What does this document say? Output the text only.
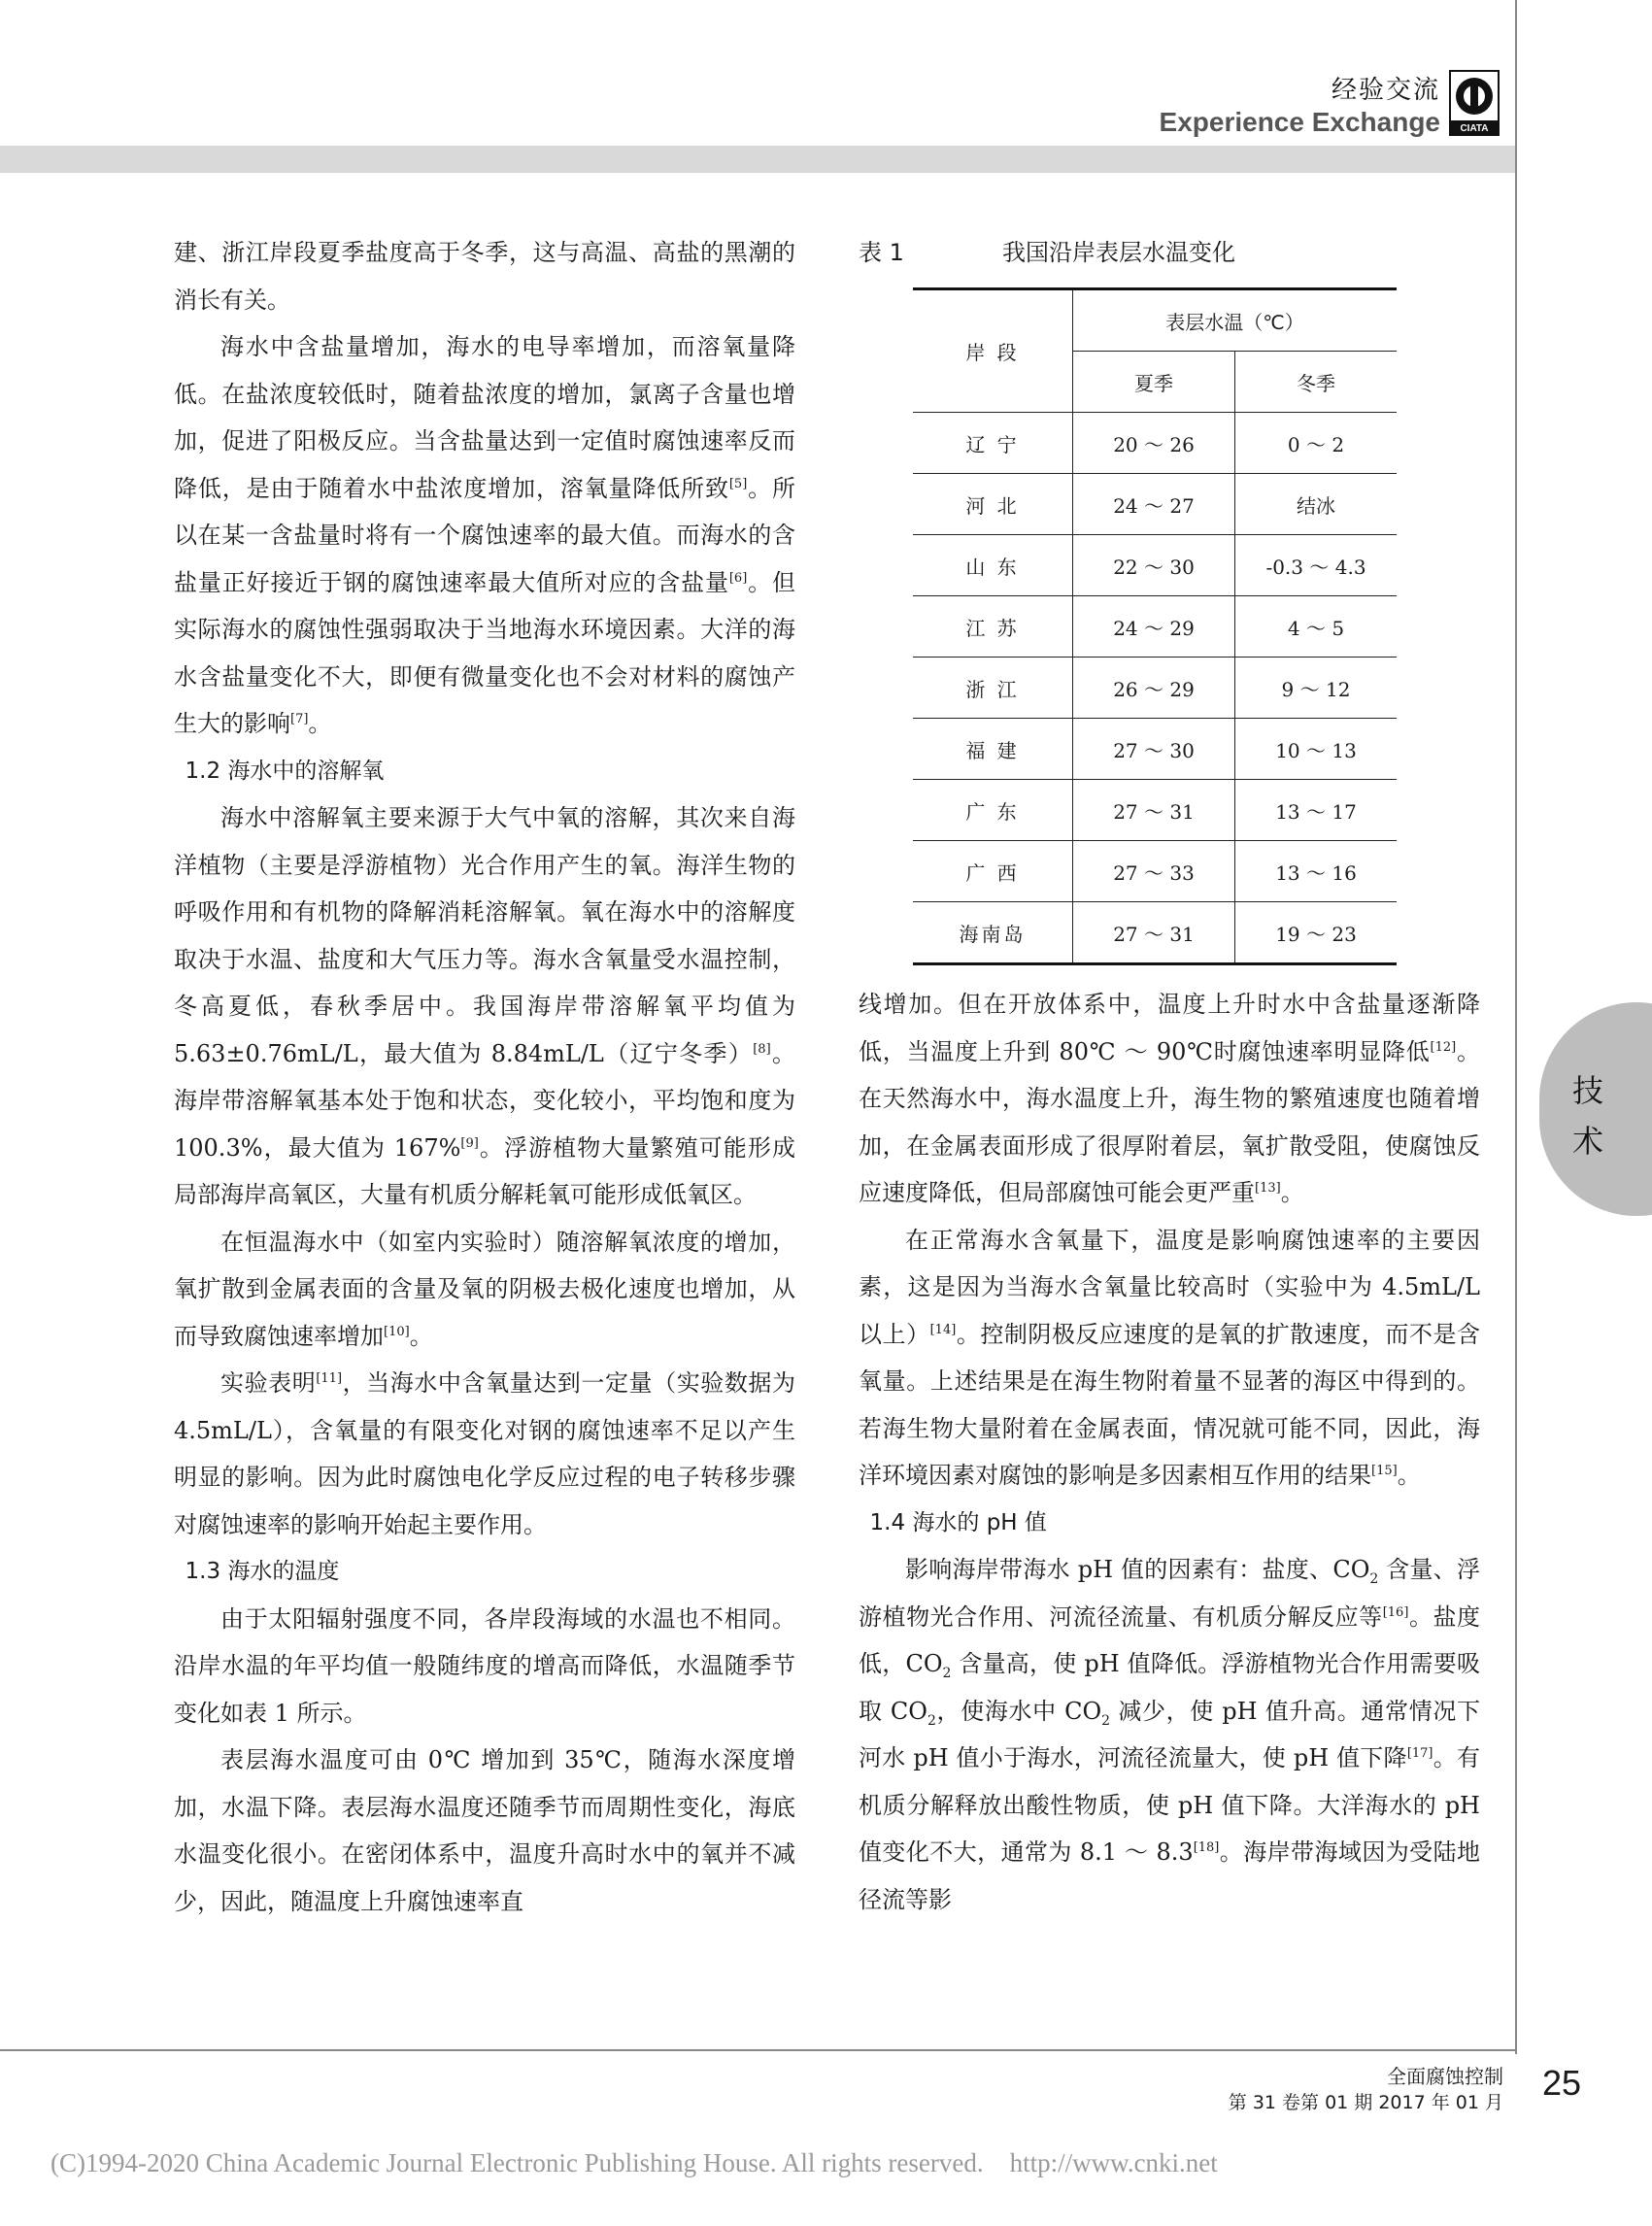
经验交流
Experience Exchange CIATA

建、浙江岸段夏季盐度高于冬季，这与高温、高盐的黑潮的消长有关。

海水中含盐量增加，海水的电导率增加，而溶氧量降低。在盐浓度较低时，随着盐浓度的增加，氯离子含量也增加，促进了阳极反应。当含盐量达到一定值时腐蚀速率反而降低，是由于随着水中盐浓度增加，溶氧量降低所致[5]。所以在某一含盐量时将有一个腐蚀速率的最大值。而海水的含盐量正好接近于钢的腐蚀速率最大值所对应的含盐量[6]。但实际海水的腐蚀性强弱取决于当地海水环境因素。大洋的海水含盐量变化不大，即便有微量变化也不会对材料的腐蚀产生大的影响[7]。

1.2 海水中的溶解氧

海水中溶解氧主要来源于大气中氧的溶解，其次来自海洋植物（主要是浮游植物）光合作用产生的氧。海洋生物的呼吸作用和有机物的降解消耗溶解氧。氧在海水中的溶解度取决于水温、盐度和大气压力等。海水含氧量受水温控制，冬高夏低，春秋季居中。我国海岸带溶解氧平均值为 5.63±0.76mL/L，最大值为 8.84mL/L（辽宁冬季）[8]。海岸带溶解氧基本处于饱和状态，变化较小，平均饱和度为 100.3%，最大值为 167%[9]。浮游植物大量繁殖可能形成局部海岸高氧区，大量有机质分解耗氧可能形成低氧区。

在恒温海水中（如室内实验时）随溶解氧浓度的增加，氧扩散到金属表面的含量及氧的阴极去极化速度也增加，从而导致腐蚀速率增加[10]。

实验表明[11]，当海水中含氧量达到一定量（实验数据为 4.5mL/L），含氧量的有限变化对钢的腐蚀速率不足以产生明显的影响。因为此时腐蚀电化学反应过程的电子转移步骤对腐蚀速率的影响开始起主要作用。

1.3 海水的温度

由于太阳辐射强度不同，各岸段海域的水温也不相同。沿岸水温的年平均值一般随纬度的增高而降低，水温随季节变化如表 1 所示。

表层海水温度可由 0℃ 增加到 35℃，随海水深度增加，水温下降。表层海水温度还随季节而周期性变化，海底水温变化很小。在密闭体系中，温度升高时水中的氧并不减少，因此，随温度上升腐蚀速率直

表 1	我国沿岸表层水温变化
岸 段	表层水温（℃）	
	夏季	冬季
辽 宁	20 ～ 26	0 ～ 2
河 北	24 ～ 27	结冰
山 东	22 ～ 30	-0.3 ～ 4.3
江 苏	24 ～ 29	4 ～ 5
浙 江	26 ～ 29	9 ～ 12
福 建	27 ～ 30	10 ～ 13
广 东	27 ～ 31	13 ～ 17
广 西	27 ～ 33	13 ～ 16
海南岛	27 ～ 31	19 ～ 23

线增加。但在开放体系中，温度上升时水中含盐量逐渐降低，当温度上升到 80℃ ～ 90℃时腐蚀速率明显降低[12]。在天然海水中，海水温度上升，海生物的繁殖速度也随着增加，在金属表面形成了很厚附着层，氧扩散受阻，使腐蚀反应速度降低，但局部腐蚀可能会更严重[13]。

在正常海水含氧量下，温度是影响腐蚀速率的主要因素，这是因为当海水含氧量比较高时（实验中为 4.5mL/L 以上）[14]。控制阴极反应速度的是氧的扩散速度，而不是含氧量。上述结果是在海生物附着量不显著的海区中得到的。若海生物大量附着在金属表面，情况就可能不同，因此，海洋环境因素对腐蚀的影响是多因素相互作用的结果[15]。

1.4 海水的 pH 值

影响海岸带海水 pH 值的因素有：盐度、$CO_2$ 含量、浮游植物光合作用、河流径流量、有机质分解反应等[16]。盐度低，$CO_2$ 含量高，使 pH 值降低。浮游植物光合作用需要吸取 $CO_2$，使海水中 $CO_2$ 减少，使 pH 值升高。通常情况下河水 pH 值小于海水，河流径流量大，使 pH 值下降[17]。有机质分解释放出酸性物质，使 pH 值下降。大洋海水的 pH 值变化不大，通常为 8.1 ～ 8.3[18]。海岸带海域因为受陆地径流等影

技
术
全面腐蚀控制
第 31 卷第 01 期 2017 年 01 月 25
(C)1994-2020 China Academic Journal Electronic Publishing House. All rights reserved.    http://www.cnki.net
